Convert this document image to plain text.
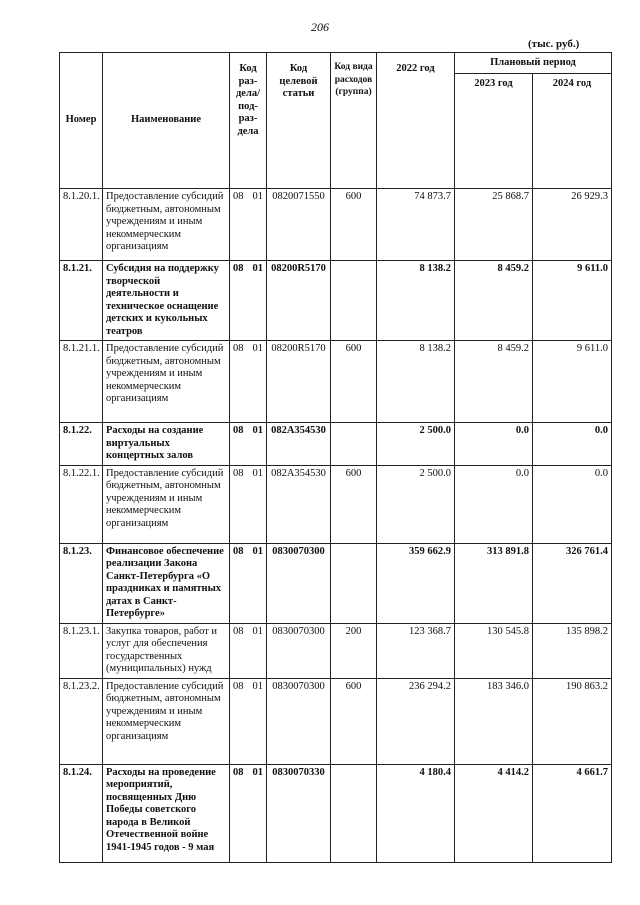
206
(тыс. руб.)
Номер	Наименование	Код раз-дела/ под-раз-дела	Код целевой статьи	Код вида расходов (группа)	2022 год	Плановый период	
						2023 год	2024 год
8.1.20.1.	Предоставление субсидий бюджетным, автономным учреждениям и иным некоммерческим организациям	08 01	0820071550	600	74 873.7	25 868.7	26 929.3
8.1.21.	Субсидия на поддержку творческой деятельности и техническое оснащение детских и кукольных театров	08 01	08200R5170		8 138.2	8 459.2	9 611.0
8.1.21.1.	Предоставление субсидий бюджетным, автономным учреждениям и иным некоммерческим организациям	08 01	08200R5170	600	8 138.2	8 459.2	9 611.0
8.1.22.	Расходы на создание виртуальных концертных залов	08 01	082A354530		2 500.0	0.0	0.0
8.1.22.1.	Предоставление субсидий бюджетным, автономным учреждениям и иным некоммерческим организациям	08 01	082A354530	600	2 500.0	0.0	0.0
8.1.23.	Финансовое обеспечение реализации Закона Санкт-Петербурга «О праздниках и памятных датах в Санкт-Петербурге»	08 01	0830070300		359 662.9	313 891.8	326 761.4
8.1.23.1.	Закупка товаров, работ и услуг для обеспечения государственных (муниципальных) нужд	08 01	0830070300	200	123 368.7	130 545.8	135 898.2
8.1.23.2.	Предоставление субсидий бюджетным, автономным учреждениям и иным некоммерческим организациям	08 01	0830070300	600	236 294.2	183 346.0	190 863.2
8.1.24.	Расходы на проведение мероприятий, посвященных Дню Победы советского народа в Великой Отечественной войне 1941-1945 годов - 9 мая	08 01	0830070330		4 180.4	4 414.2	4 661.7
